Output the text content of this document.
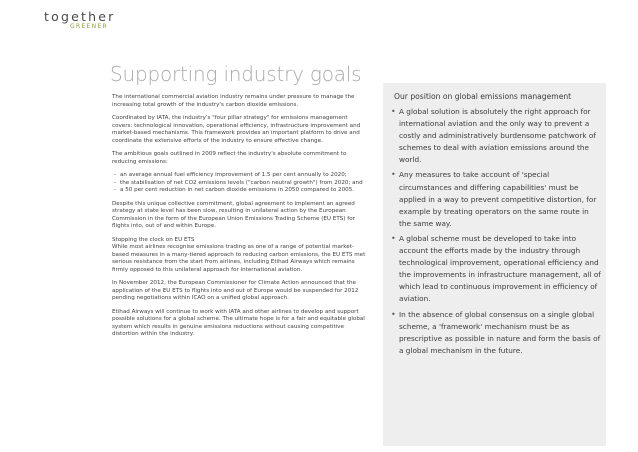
together
GREENER
Supporting industry goals

The international commercial aviation industry remains under pressure to manage the increasing total growth of the industry's carbon dioxide emissions.

Coordinated by IATA, the industry's "four pillar strategy" for emissions management covers: technological innovation, operational efficiency, infrastructure improvement and market-based mechanisms. This framework provides an important platform to drive and coordinate the extensive efforts of the industry to ensure effective change.

The ambitious goals outlined in 2009 reflect the industry's absolute commitment to reducing emissions:

- an average annual fuel efficiency improvement of 1.5 per cent annually to 2020;
- the stabilisation of net CO2 emissions levels ("carbon neutral growth") from 2020; and
- a 50 per cent reduction in net carbon dioxide emissions in 2050 compared to 2005.

Despite this unique collective commitment, global agreement to implement an agreed strategy at state level has been slow, resulting in unilateral action by the European Commission in the form of the European Union Emissions Trading Scheme (EU ETS) for flights into, out of and within Europe.

Stopping the clock on EU ETS
While most airlines recognise emissions trading as one of a range of potential market-based measures in a many-tiered approach to reducing carbon emissions, the EU ETS met serious resistance from the start from airlines, including Etihad Airways which remains firmly opposed to this unilateral approach for international aviation.

In November 2012, the European Commissioner for Climate Action announced that the application of the EU ETS to flights into and out of Europe would be suspended for 2012 pending negotiations within ICAO on a unified global approach.

Etihad Airways will continue to work with IATA and other airlines to develop and support possible solutions for a global scheme. The ultimate hope is for a fair and equitable global system which results in genuine emissions reductions without causing competitive distortion within the industry.

Our position on global emissions management
• A global solution is absolutely the right approach for international aviation and the only way to prevent a costly and administratively burdensome patchwork of schemes to deal with aviation emissions around the world.
• Any measures to take account of 'special circumstances and differing capabilities' must be applied in a way to prevent competitive distortion, for example by treating operators on the same route in the same way.
• A global scheme must be developed to take into account the efforts made by the industry through technological improvement, operational efficiency and the improvements in infrastructure management, all of which lead to continuous improvement in efficiency of aviation.
• In the absence of global consensus on a single global scheme, a 'framework' mechanism must be as prescriptive as possible in nature and form the basis of a global mechanism in the future.
